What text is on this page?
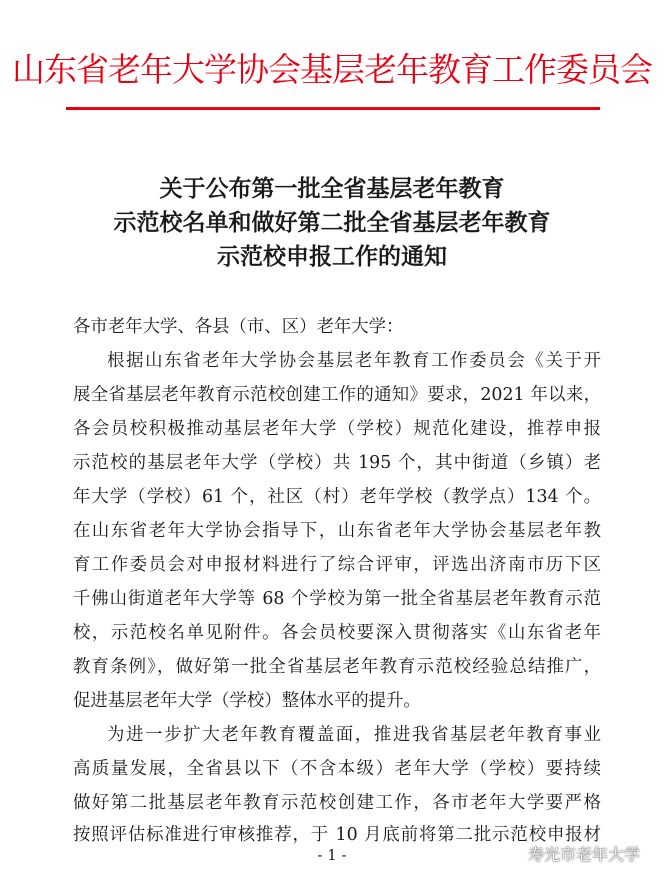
山东省老年大学协会基层老年教育工作委员会
关于公布第一批全省基层老年教育
示范校名单和做好第二批全省基层老年教育
示范校申报工作的通知
各市老年大学、各县（市、区）老年大学：
根据山东省老年大学协会基层老年教育工作委员会《关于开
展全省基层老年教育示范校创建工作的通知》要求，2021 年以来，
各会员校积极推动基层老年大学（学校）规范化建设，推荐申报
示范校的基层老年大学（学校）共 195 个，其中街道（乡镇）老
年大学（学校）61 个，社区（村）老年学校（教学点）134 个。
在山东省老年大学协会指导下，山东省老年大学协会基层老年教
育工作委员会对申报材料进行了综合评审，评选出济南市历下区
千佛山街道老年大学等 68 个学校为第一批全省基层老年教育示范
校，示范校名单见附件。各会员校要深入贯彻落实《山东省老年
教育条例》，做好第一批全省基层老年教育示范校经验总结推广，
促进基层老年大学（学校）整体水平的提升。
为进一步扩大老年教育覆盖面，推进我省基层老年教育事业
高质量发展，全省县以下（不含本级）老年大学（学校）要持续
做好第二批基层老年教育示范校创建工作，各市老年大学要严格
按照评估标准进行审核推荐，于 10 月底前将第二批示范校申报材
- 1 -	寿光市老年大学
